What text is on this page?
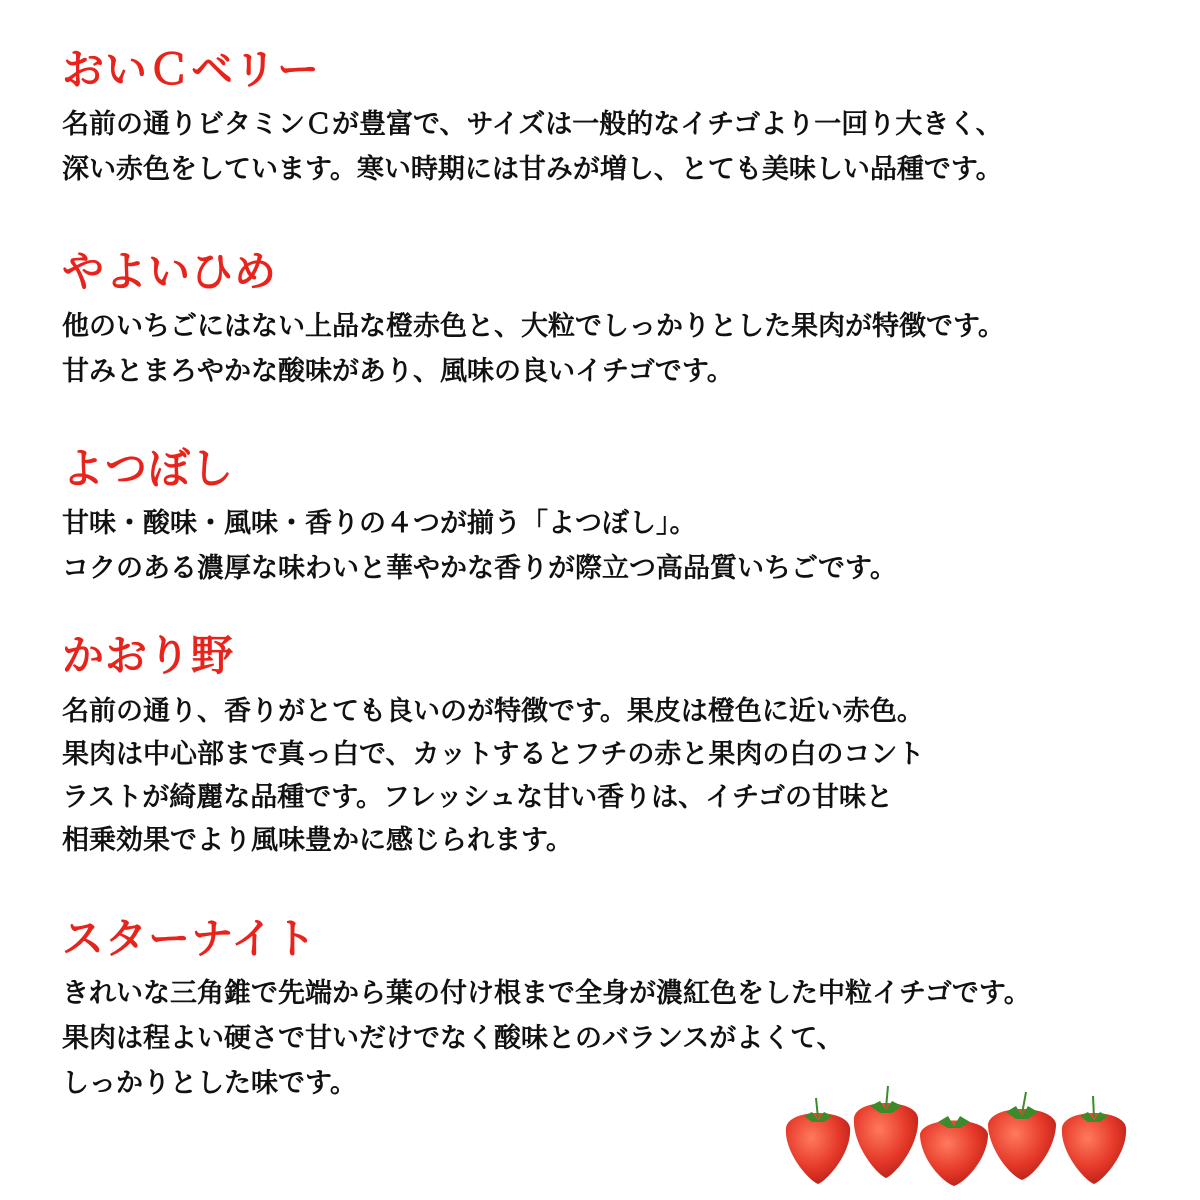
おいＣベリー

名前の通りビタミンＣが豊富で、サイズは一般的なイチゴより一回り大きく、

深い赤色をしています。寒い時期には甘みが増し、とても美味しい品種です。

やよいひめ

他のいちごにはない上品な橙赤色と、大粒でしっかりとした果肉が特徴です。

甘みとまろやかな酸味があり、風味の良いイチゴです。

よつぼし

甘味・酸味・風味・香りの４つが揃う「よつぼし」。

コクのある濃厚な味わいと華やかな香りが際立つ高品質いちごです。

かおり野

名前の通り、香りがとても良いのが特徴です。果皮は橙色に近い赤色。

果肉は中心部まで真っ白で、カットするとフチの赤と果肉の白のコント

ラストが綺麗な品種です。フレッシュな甘い香りは、イチゴの甘味と

相乗効果でより風味豊かに感じられます。

スターナイト

きれいな三角錐で先端から葉の付け根まで全身が濃紅色をした中粒イチゴです。

果肉は程よい硬さで甘いだけでなく酸味とのバランスがよくて、

しっかりとした味です。
